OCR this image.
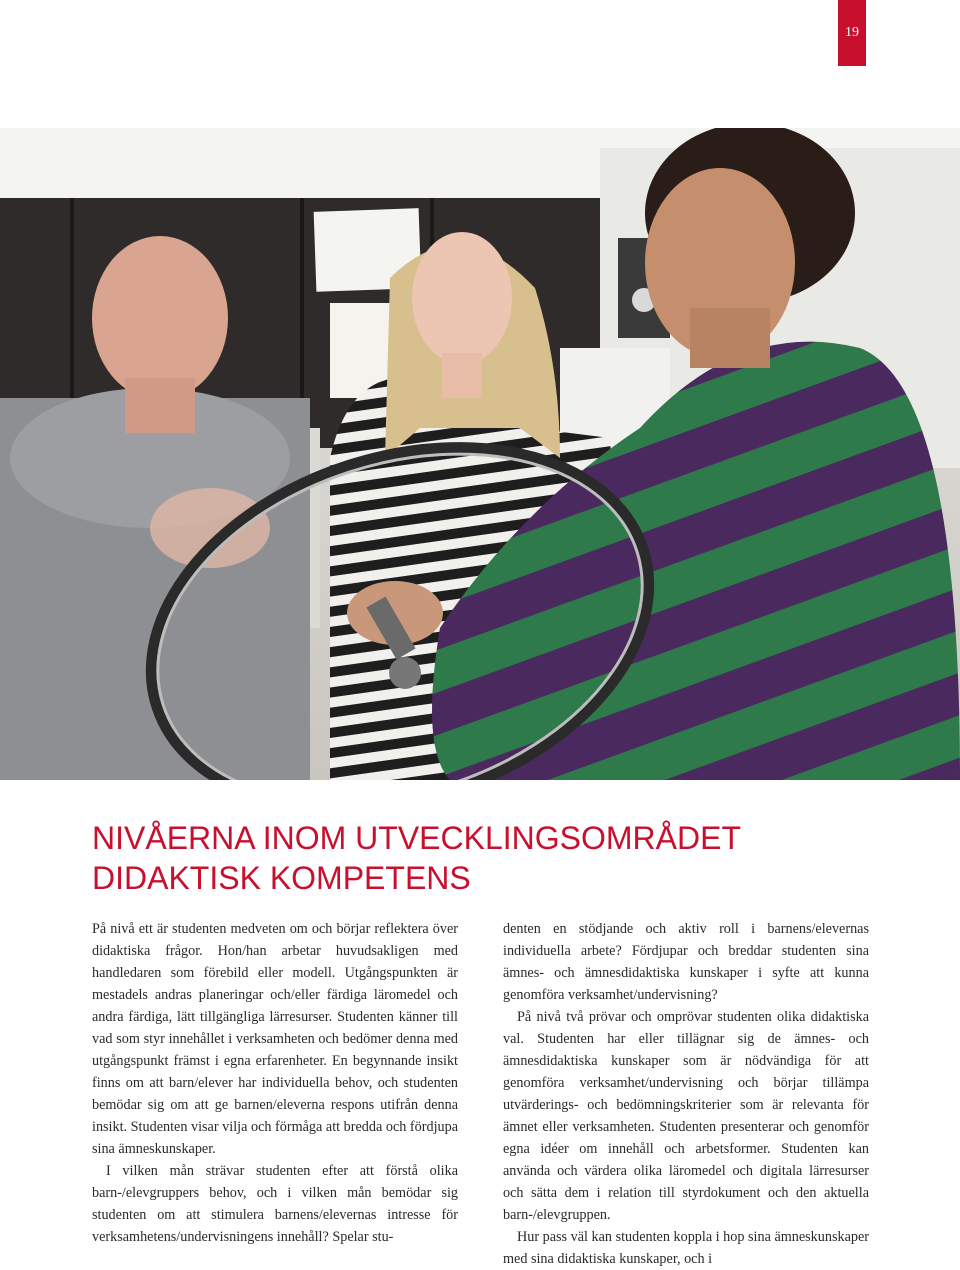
19
NIVÅERNA INOM UTVECKLINGSOMRÅDET
DIDAKTISK KOMPETENS

På nivå ett är studenten medveten om och börjar reflektera över didaktiska frågor. Hon/han arbetar huvudsakligen med handledaren som förebild eller modell. Utgångspunkten är mestadels andras planeringar och/eller färdiga läromedel och andra färdiga, lätt tillgängliga lärresurser. Studenten känner till vad som styr innehållet i verksamheten och bedömer denna med utgångspunkt främst i egna erfarenheter. En begynnande insikt finns om att barn/elever har individuella behov, och studenten bemödar sig om att ge barnen/eleverna respons utifrån denna insikt. Studenten visar vilja och förmåga att bredda och fördjupa sina ämneskunskaper.

I vilken mån strävar studenten efter att förstå olika barn-/elevgruppers behov, och i vilken mån bemödar sig studenten om att stimulera barnens/elevernas intresse för verksamhetens/undervisningens innehåll? Spelar stu-

denten en stödjande och aktiv roll i barnens/elevernas individuella arbete? Fördjupar och breddar studenten sina ämnes- och ämnesdidaktiska kunskaper i syfte att kunna genomföra verksamhet/undervisning?

På nivå två prövar och omprövar studenten olika didaktiska val. Studenten har eller tillägnar sig de ämnes- och ämnesdidaktiska kunskaper som är nödvändiga för att genomföra verksamhet/undervisning och börjar tillämpa utvärderings- och bedömningskriterier som är relevanta för ämnet eller verksamheten. Studenten presenterar och genomför egna idéer om innehåll och arbetsformer. Studenten kan använda och värdera olika läromedel och digitala lärresurser och sätta dem i relation till styrdokument och den aktuella barn-/elevgruppen.

Hur pass väl kan studenten koppla i hop sina ämneskunskaper med sina didaktiska kunskaper, och i
